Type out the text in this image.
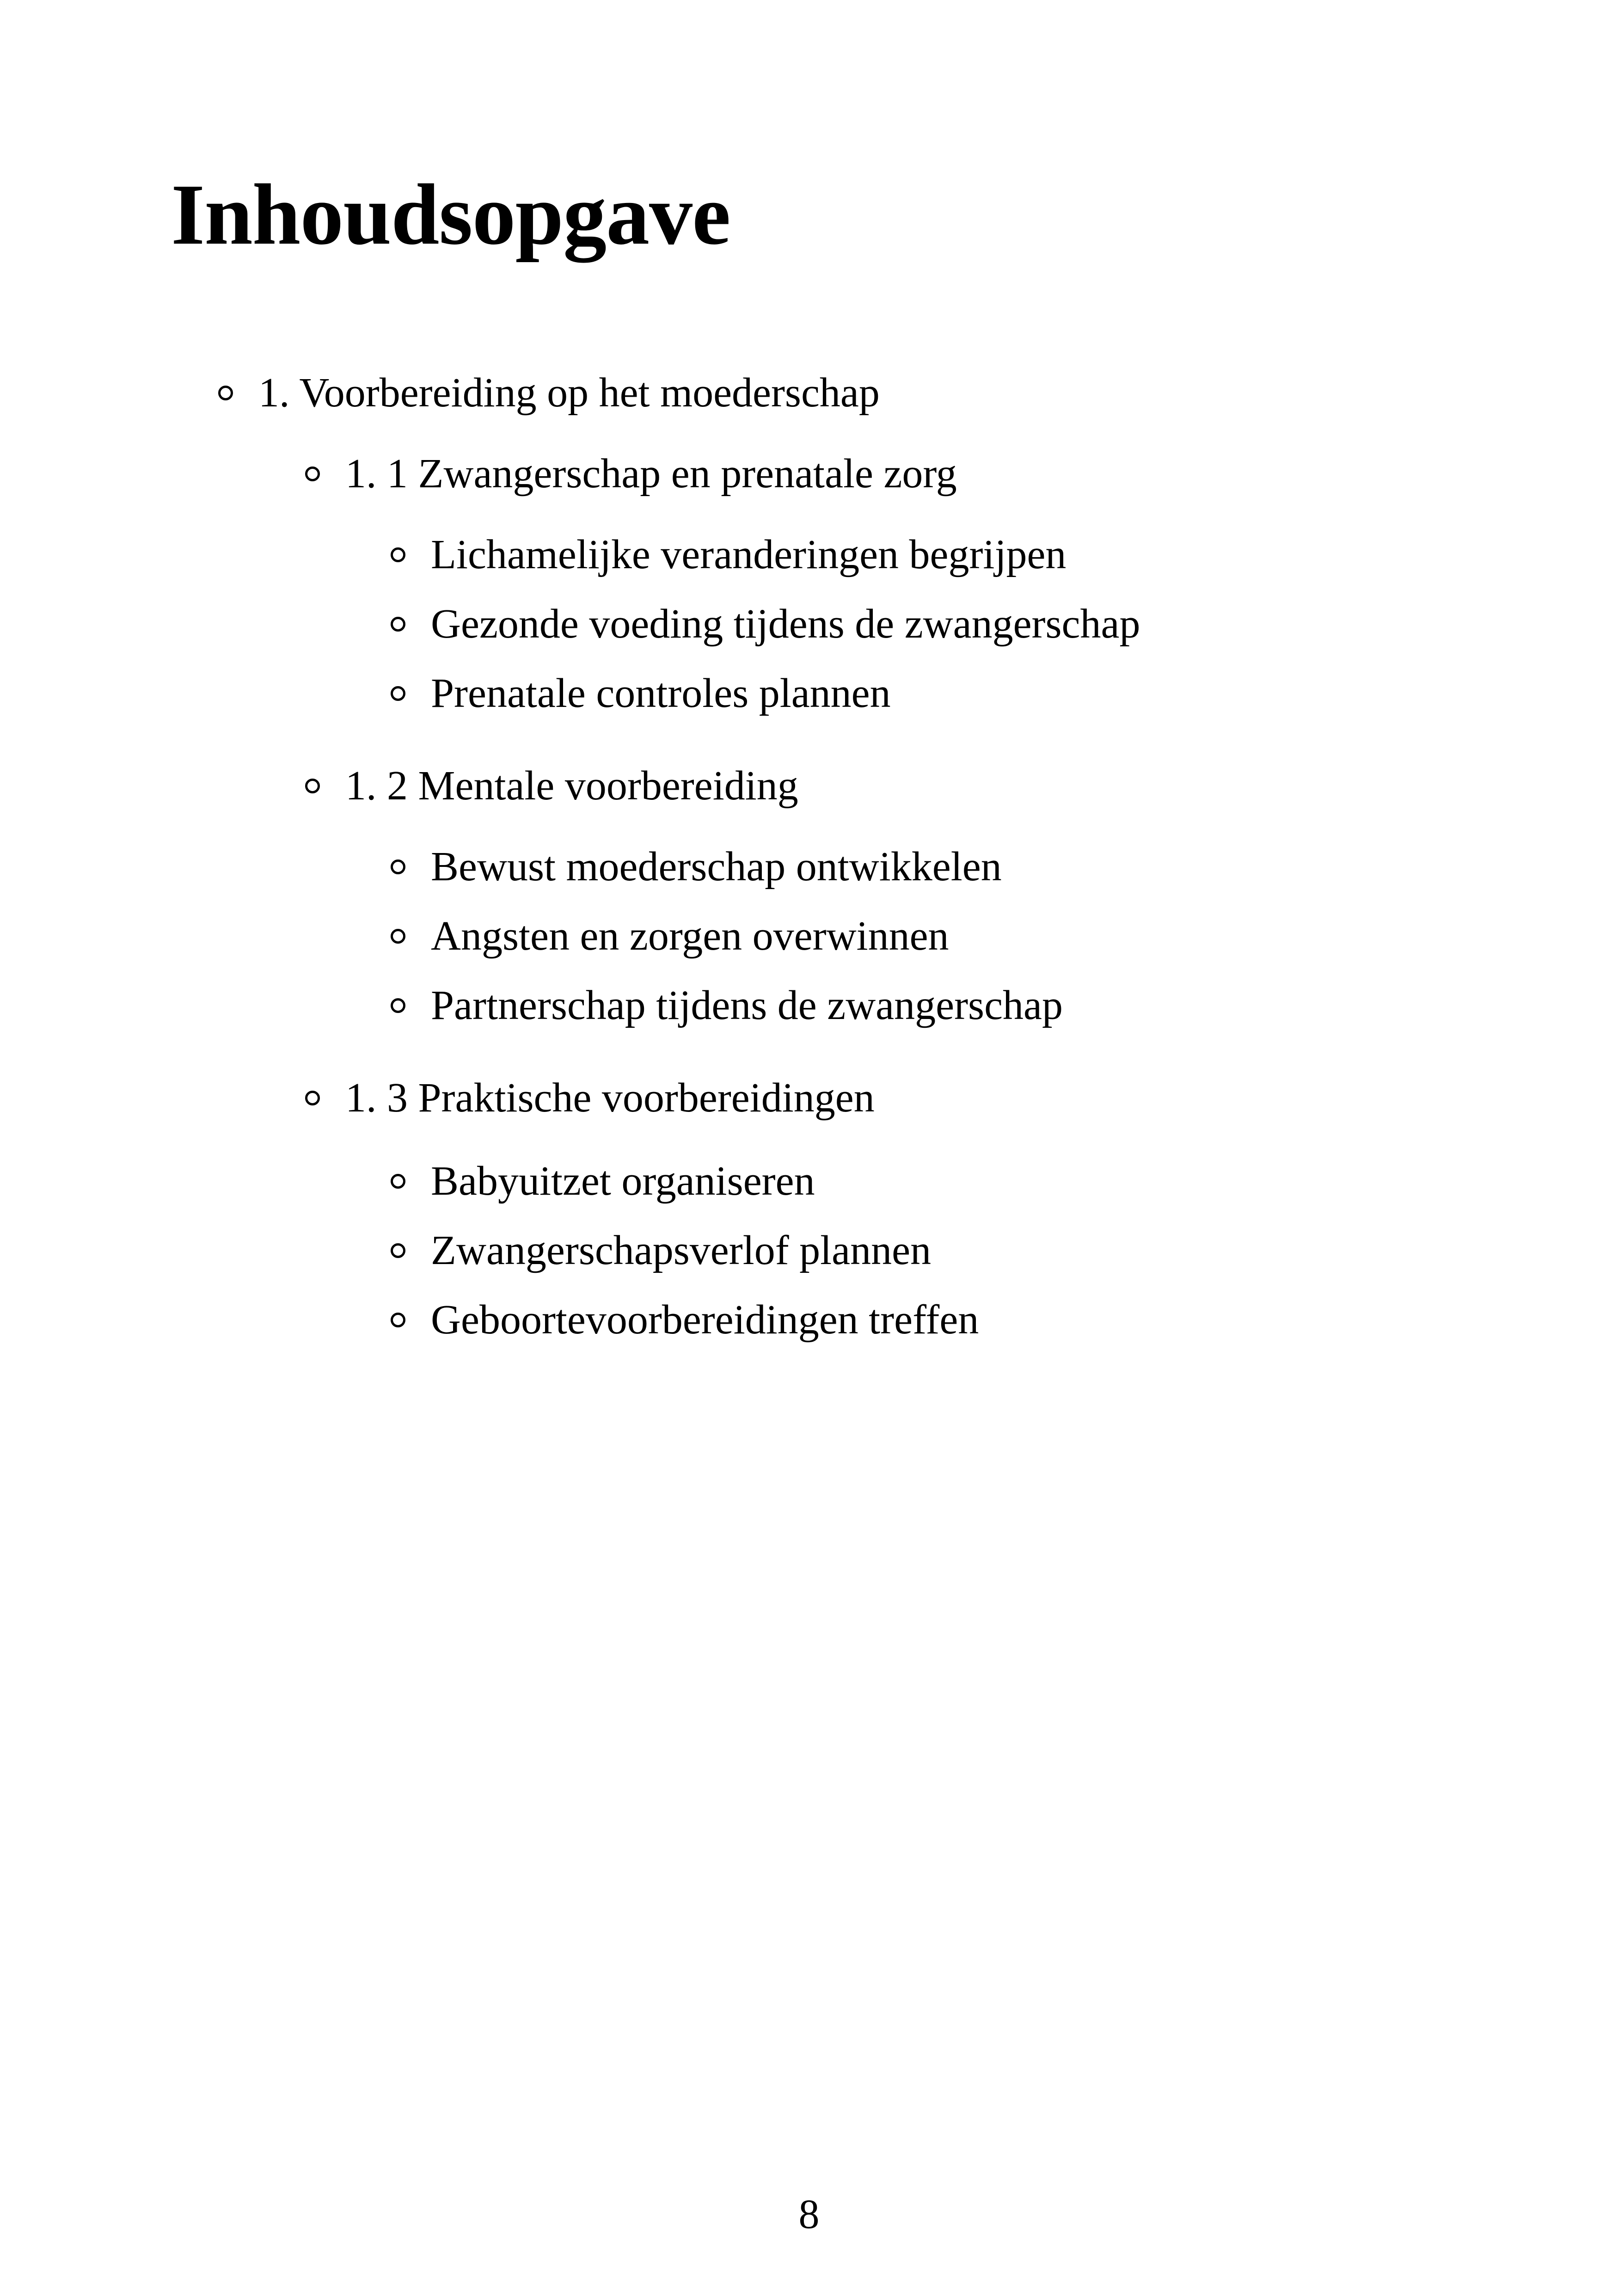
Inhoudsopgave
1. Voorbereiding op het moederschap
1. 1 Zwangerschap en prenatale zorg
Lichamelijke veranderingen begrijpen
Gezonde voeding tijdens de zwangerschap
Prenatale controles plannen
1. 2 Mentale voorbereiding
Bewust moederschap ontwikkelen
Angsten en zorgen overwinnen
Partnerschap tijdens de zwangerschap
1. 3 Praktische voorbereidingen
Babyuitzet organiseren
Zwangerschapsverlof plannen
Geboortevoorbereidingen treffen
8
